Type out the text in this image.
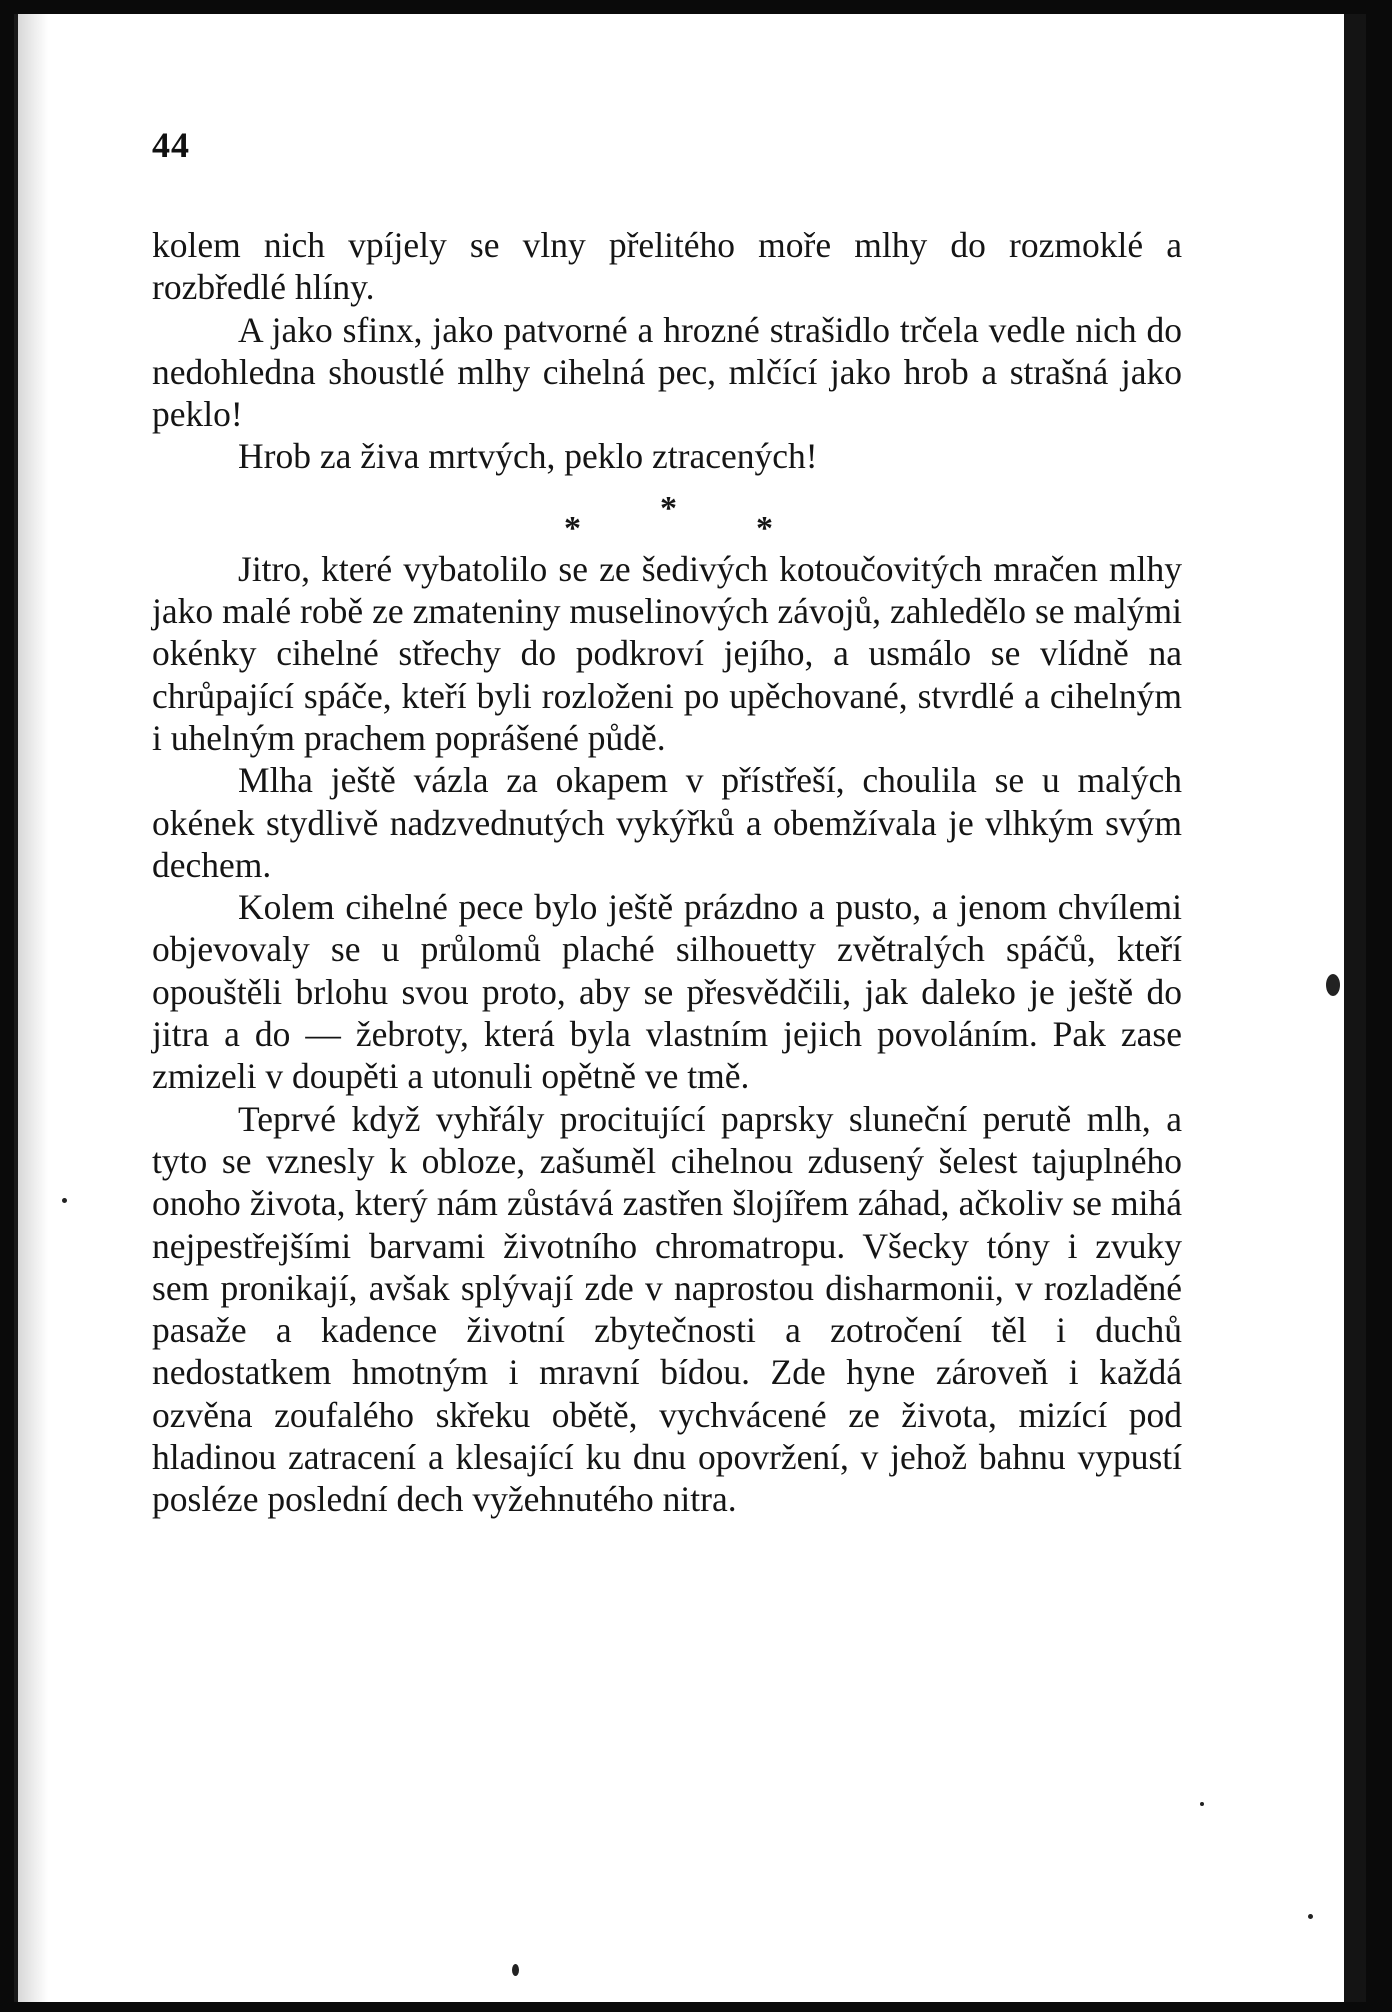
44

kolem nich vpíjely se vlny přelitého moře mlhy do rozmoklé a rozbředlé hlíny.

A jako sfinx, jako patvorné a hrozné strašidlo trčela vedle nich do nedohledna shoustlé mlhy cihelná pec, mlčící jako hrob a strašná jako peklo!

Hrob za živa mrtvých, peklo ztracených!

*
*
*

Jitro, které vybatolilo se ze šedivých kotoučovitých mračen mlhy jako malé robě ze zmateniny muselinových závojů, zahledělo se malými okénky cihelné střechy do podkroví jejího, a usmálo se vlídně na chrůpající spáče, kteří byli rozloženi po upěchované, stvrdlé a cihelným i uhelným prachem poprášené půdě.

Mlha ještě vázla za okapem v přístřeší, choulila se u malých okének stydlivě nadzvednutých vykýřků a obemžívala je vlhkým svým dechem.

Kolem cihelné pece bylo ještě prázdno a pusto, a jenom chvílemi objevovaly se u průlomů plaché silhouetty zvětralých spáčů, kteří opouštěli brlohu svou proto, aby se přesvědčili, jak daleko je ještě do jitra a do — žebroty, která byla vlastním jejich povoláním. Pak zase zmizeli v doupěti a utonuli opětně ve tmě.

Teprvé když vyhřály procitující paprsky sluneční perutě mlh, a tyto se vznesly k obloze, zašuměl cihelnou zdusený šelest tajuplného onoho života, který nám zůstává zastřen šlojířem záhad, ačkoliv se mihá nejpestřejšími barvami životního chromatropu. Všecky tóny i zvuky sem pronikají, avšak splývají zde v naprostou disharmonii, v rozladěné pasaže a kadence životní zbytečnosti a zotročení těl i duchů nedostatkem hmotným i mravní bídou. Zde hyne zároveň i každá ozvěna zoufalého skřeku obětě, vychvácené ze života, mizící pod hladinou zatracení a klesající ku dnu opovržení, v jehož bahnu vypustí posléze poslední dech vyžehnutého nitra.
